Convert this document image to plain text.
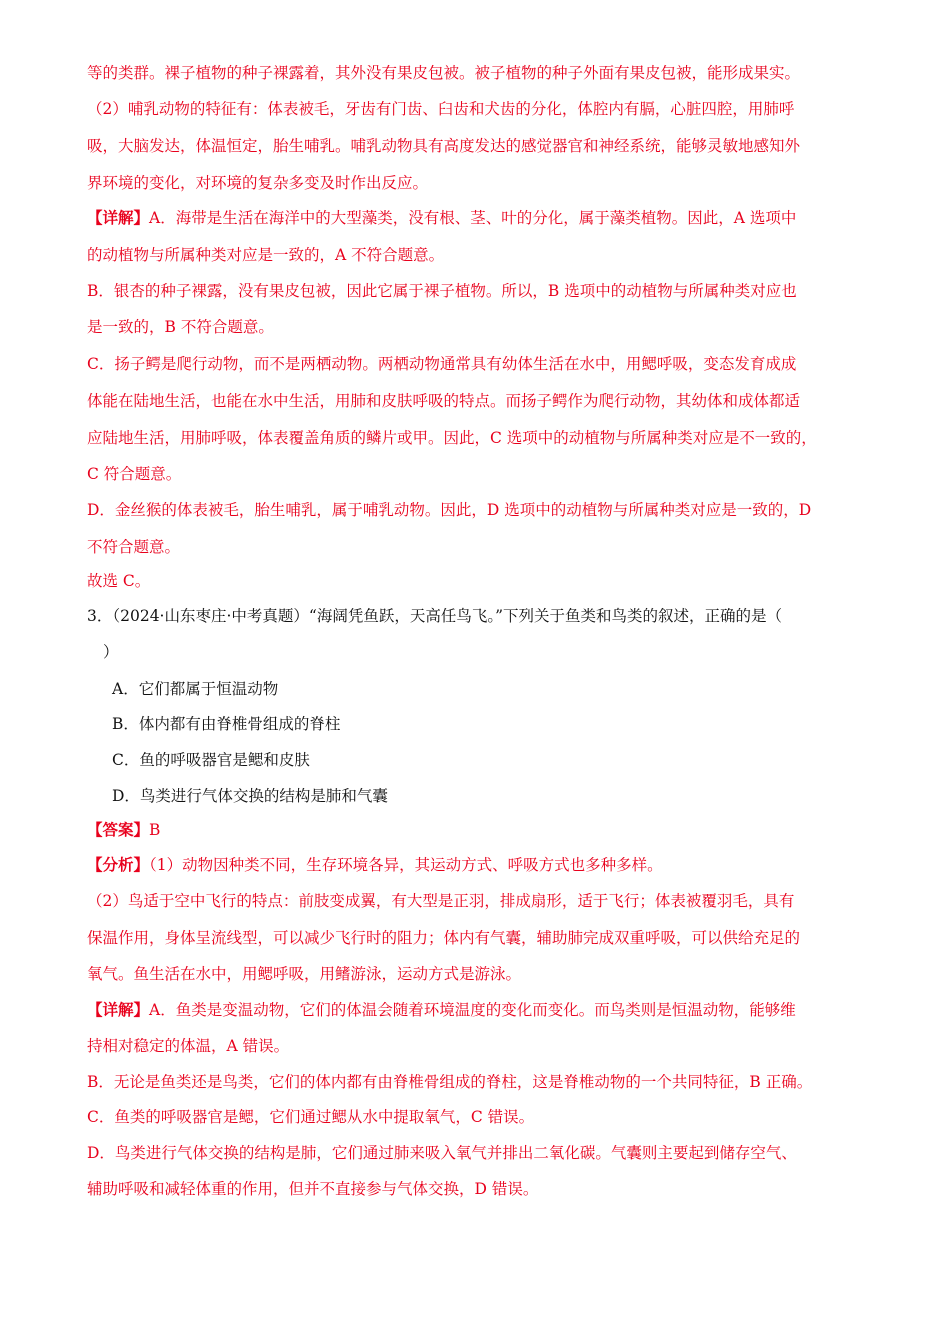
等的类群。裸子植物的种子裸露着，其外没有果皮包被。被子植物的种子外面有果皮包被，能形成果实。
（2）哺乳动物的特征有：体表被毛，牙齿有门齿、臼齿和犬齿的分化，体腔内有膈，心脏四腔，用肺呼
吸，大脑发达，体温恒定，胎生哺乳。哺乳动物具有高度发达的感觉器官和神经系统，能够灵敏地感知外
界环境的变化，对环境的复杂多变及时作出反应。
【详解】A．海带是生活在海洋中的大型藻类，没有根、茎、叶的分化，属于藻类植物。因此，A 选项中
的动植物与所属种类对应是一致的，A 不符合题意。
B．银杏的种子裸露，没有果皮包被，因此它属于裸子植物。所以，B 选项中的动植物与所属种类对应也
是一致的，B 不符合题意。
C．扬子鳄是爬行动物，而不是两栖动物。两栖动物通常具有幼体生活在水中，用鳃呼吸，变态发育成成
体能在陆地生活，也能在水中生活，用肺和皮肤呼吸的特点。而扬子鳄作为爬行动物，其幼体和成体都适
应陆地生活，用肺呼吸，体表覆盖角质的鳞片或甲。因此，C 选项中的动植物与所属种类对应是不一致的，
C 符合题意。
D．金丝猴的体表被毛，胎生哺乳，属于哺乳动物。因此，D 选项中的动植物与所属种类对应是一致的，D
不符合题意。
故选 C。
3．（2024·山东枣庄·中考真题）“海阔凭鱼跃，天高任鸟飞。”下列关于鱼类和鸟类的叙述，正确的是（
）
A．它们都属于恒温动物
B．体内都有由脊椎骨组成的脊柱
C．鱼的呼吸器官是鳃和皮肤
D．鸟类进行气体交换的结构是肺和气囊
【答案】B
【分析】（1）动物因种类不同，生存环境各异，其运动方式、呼吸方式也多种多样。
（2）鸟适于空中飞行的特点：前肢变成翼，有大型是正羽，排成扇形，适于飞行；体表被覆羽毛，具有
保温作用，身体呈流线型，可以减少飞行时的阻力；体内有气囊，辅助肺完成双重呼吸，可以供给充足的
氧气。鱼生活在水中，用鳃呼吸，用鳍游泳，运动方式是游泳。
【详解】A．鱼类是变温动物，它们的体温会随着环境温度的变化而变化。而鸟类则是恒温动物，能够维
持相对稳定的体温，A 错误。
B．无论是鱼类还是鸟类，它们的体内都有由脊椎骨组成的脊柱，这是脊椎动物的一个共同特征，B 正确。
C．鱼类的呼吸器官是鳃，它们通过鳃从水中提取氧气，C 错误。
D．鸟类进行气体交换的结构是肺，它们通过肺来吸入氧气并排出二氧化碳。气囊则主要起到储存空气、
辅助呼吸和减轻体重的作用，但并不直接参与气体交换，D 错误。
